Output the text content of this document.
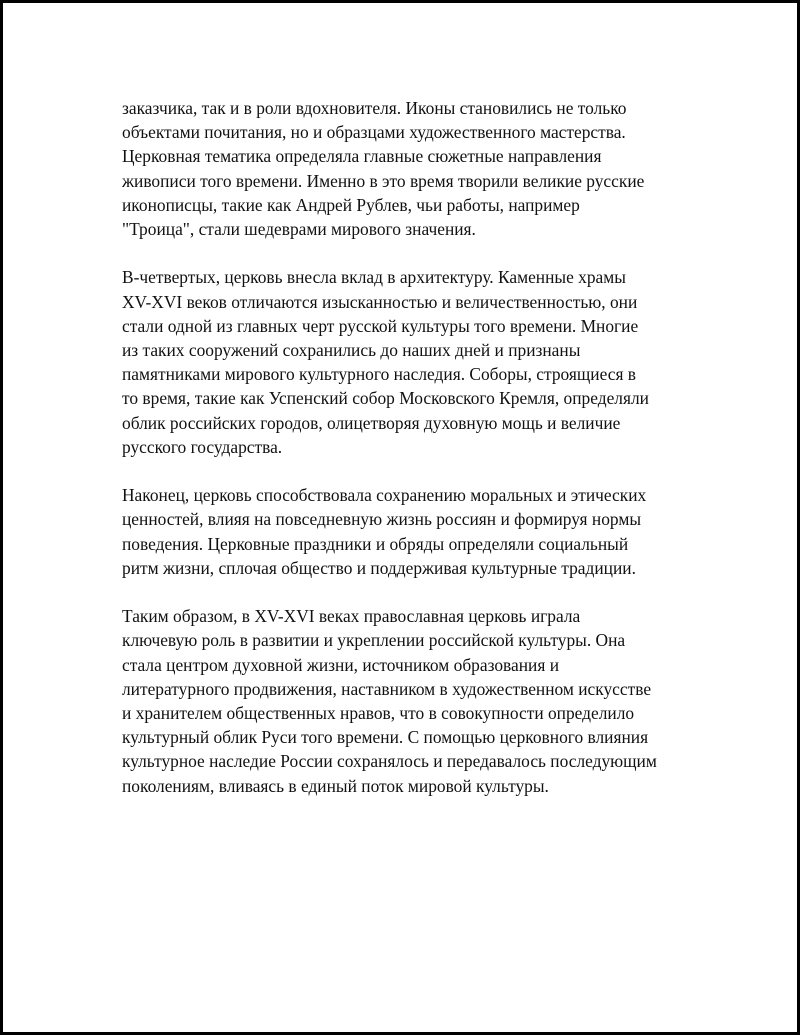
заказчика, так и в роли вдохновителя. Иконы становились не только
объектами почитания, но и образцами художественного мастерства.
Церковная тематика определяла главные сюжетные направления
живописи того времени. Именно в это время творили великие русские
иконописцы, такие как Андрей Рублев, чьи работы, например
"Троица", стали шедеврами мирового значения.

В-четвертых, церковь внесла вклад в архитектуру. Каменные храмы
XV-XVI веков отличаются изысканностью и величественностью, они
стали одной из главных черт русской культуры того времени. Многие
из таких сооружений сохранились до наших дней и признаны
памятниками мирового культурного наследия. Соборы, строящиеся в
то время, такие как Успенский собор Московского Кремля, определяли
облик российских городов, олицетворяя духовную мощь и величие
русского государства.

Наконец, церковь способствовала сохранению моральных и этических
ценностей, влияя на повседневную жизнь россиян и формируя нормы
поведения. Церковные праздники и обряды определяли социальный
ритм жизни, сплочая общество и поддерживая культурные традиции.

Таким образом, в XV-XVI веках православная церковь играла
ключевую роль в развитии и укреплении российской культуры. Она
стала центром духовной жизни, источником образования и
литературного продвижения, наставником в художественном искусстве
и хранителем общественных нравов, что в совокупности определило
культурный облик Руси того времени. С помощью церковного влияния
культурное наследие России сохранялось и передавалось последующим
поколениям, вливаясь в единый поток мировой культуры.
